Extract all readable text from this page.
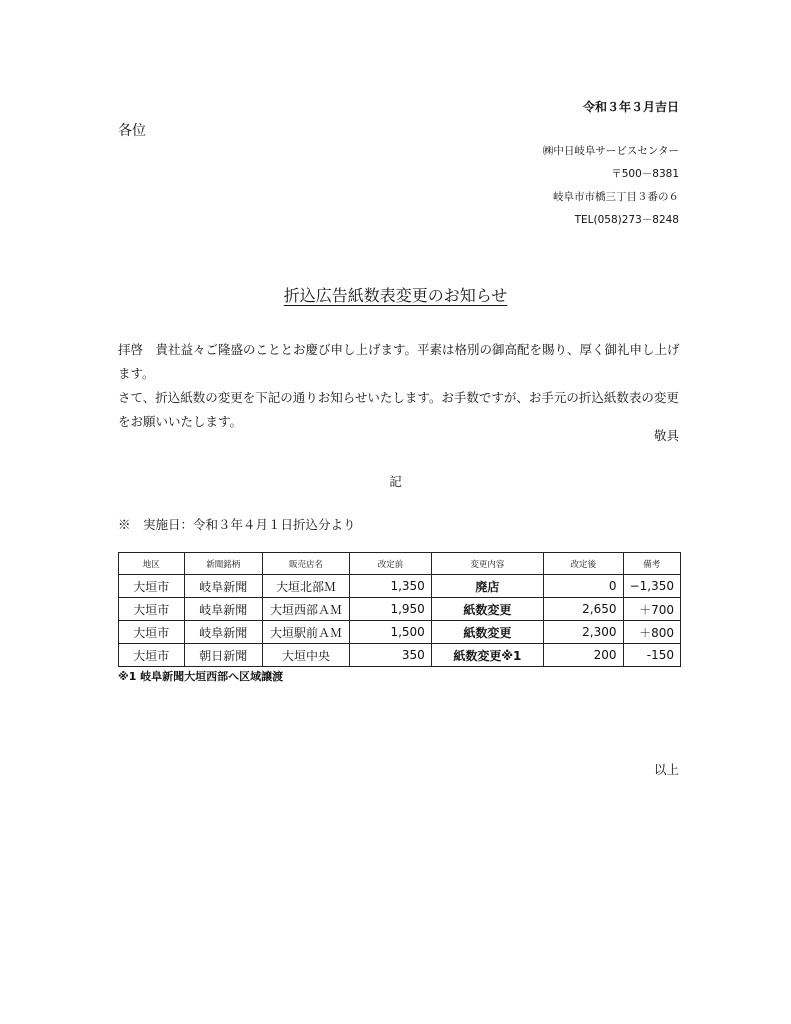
令和３年３月吉日
各位
㈱中日岐阜サービスセンター
〒500－8381
岐阜市市橋三丁目３番の６
TEL(058)273－8248
折込広告紙数表変更のお知らせ

拝啓　貴社益々ご隆盛のこととお慶び申し上げます。平素は格別の御高配を賜り、厚く御礼申し上げます。

さて、折込紙数の変更を下記の通りお知らせいたします。お手数ですが、お手元の折込紙数表の変更をお願いいたします。

敬具
記
※　実施日：令和３年４月１日折込分より
地区	新聞銘柄	販売店名	改定前	変更内容	改定後	備考
大垣市	岐阜新聞	大垣北部Ｍ	1,350	廃店	0	−1,350
大垣市	岐阜新聞	大垣西部ＡＭ	1,950	紙数変更	2,650	＋700
大垣市	岐阜新聞	大垣駅前ＡＭ	1,500	紙数変更	2,300	＋800
大垣市	朝日新聞	大垣中央	350	紙数変更※1	200	-150
※1 岐阜新聞大垣西部へ区域譲渡
以上
